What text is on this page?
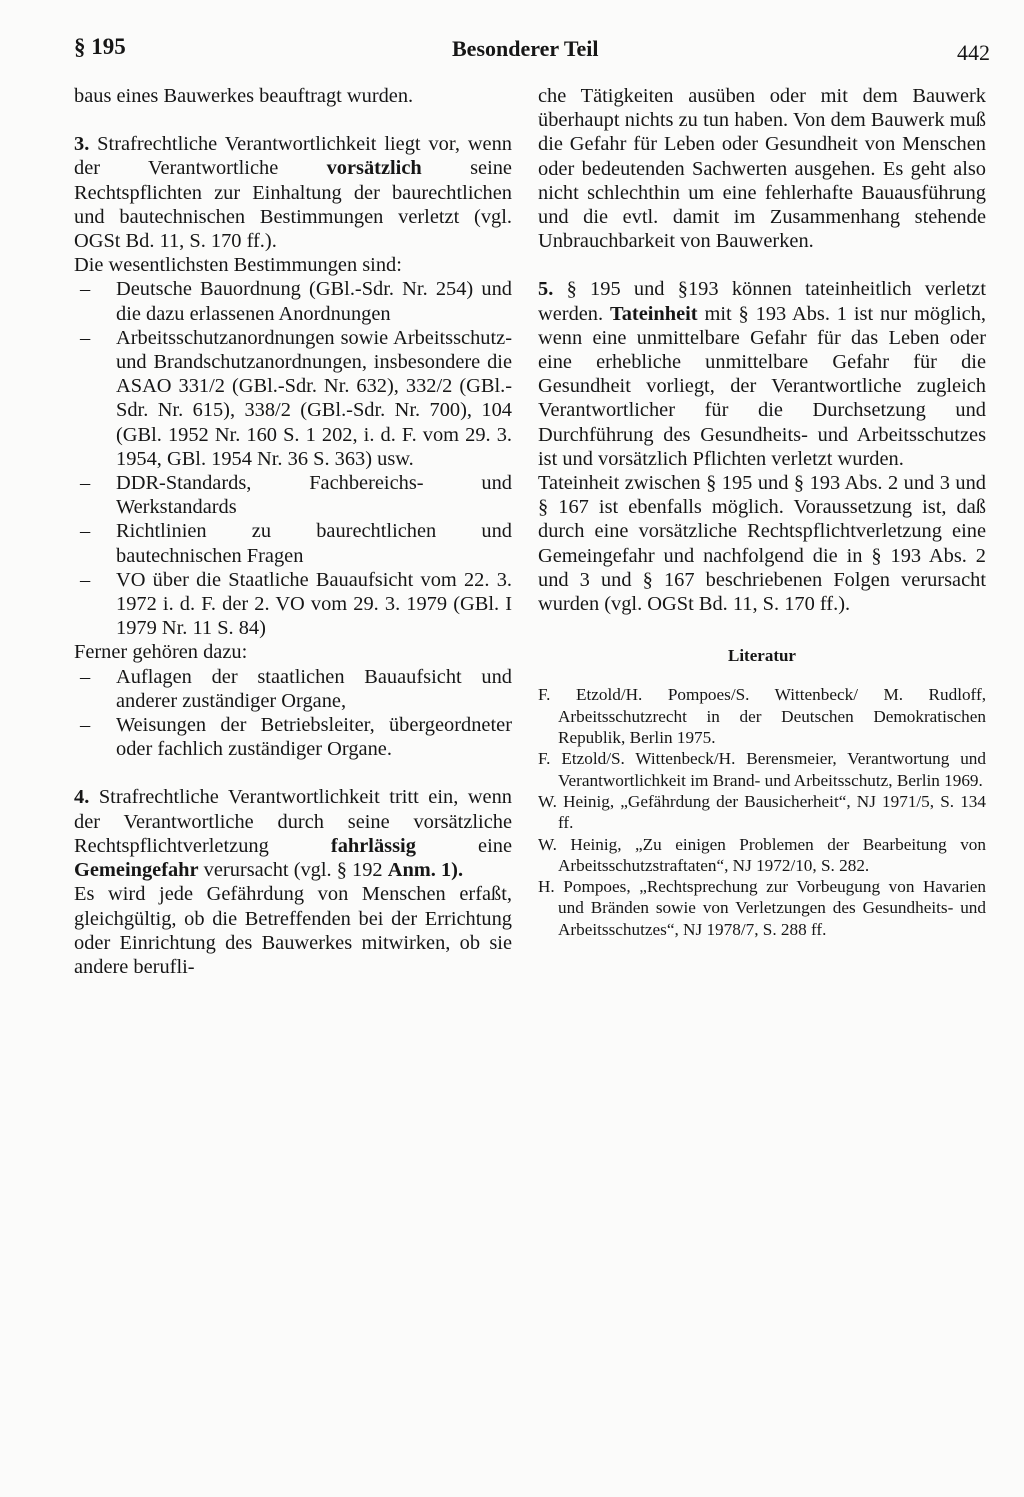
§ 195	Besonderer Teil	442

baus eines Bauwerkes beauftragt wurden.

3. Strafrechtliche Verantwortlichkeit liegt vor, wenn der Verantwortliche vorsätzlich seine Rechtspflichten zur Einhaltung der baurechtlichen und bautechnischen Bestimmungen verletzt (vgl. OGSt Bd. 11, S. 170 ff.).

Die wesentlichsten Bestimmungen sind:

– Deutsche Bauordnung (GBl.-Sdr. Nr. 254) und die dazu erlassenen Anordnungen
– Arbeitsschutzanordnungen sowie Arbeitsschutz- und Brandschutzanordnungen, insbesondere die ASAO 331/2 (GBl.-Sdr. Nr. 632), 332/2 (GBl.-Sdr. Nr. 615), 338/2 (GBl.-Sdr. Nr. 700), 104 (GBl. 1952 Nr. 160 S. 1 202, i. d. F. vom 29. 3. 1954, GBl. 1954 Nr. 36 S. 363) usw.
– DDR-Standards, Fachbereichs- und Werkstandards
– Richtlinien zu baurechtlichen und bautechnischen Fragen
– VO über die Staatliche Bauaufsicht vom 22. 3. 1972 i. d. F. der 2. VO vom 29. 3. 1979 (GBl. I 1979 Nr. 11 S. 84)

Ferner gehören dazu:

– Auflagen der staatlichen Bauaufsicht und anderer zuständiger Organe,
– Weisungen der Betriebsleiter, übergeordneter oder fachlich zuständiger Organe.

4. Strafrechtliche Verantwortlichkeit tritt ein, wenn der Verantwortliche durch seine vorsätzliche Rechtspflichtverletzung fahrlässig eine Gemeingefahr verursacht (vgl. § 192 Anm. 1).

Es wird jede Gefährdung von Menschen erfaßt, gleichgültig, ob die Betreffenden bei der Errichtung oder Einrichtung des Bauwerkes mitwirken, ob sie andere berufli-

che Tätigkeiten ausüben oder mit dem Bauwerk überhaupt nichts zu tun haben. Von dem Bauwerk muß die Gefahr für Leben oder Gesundheit von Menschen oder bedeutenden Sachwerten ausgehen. Es geht also nicht schlechthin um eine fehlerhafte Bauausführung und die evtl. damit im Zusammenhang stehende Unbrauchbarkeit von Bauwerken.

5. § 195 und §193 können tateinheitlich verletzt werden. Tateinheit mit § 193 Abs. 1 ist nur möglich, wenn eine unmittelbare Gefahr für das Leben oder eine erhebliche unmittelbare Gefahr für die Gesundheit vorliegt, der Verantwortliche zugleich Verantwortlicher für die Durchsetzung und Durchführung des Gesundheits- und Arbeitsschutzes ist und vorsätzlich Pflichten verletzt wurden.

Tateinheit zwischen § 195 und § 193 Abs. 2 und 3 und § 167 ist ebenfalls möglich. Voraussetzung ist, daß durch eine vorsätzliche Rechtspflichtverletzung eine Gemeingefahr und nachfolgend die in § 193 Abs. 2 und 3 und § 167 beschriebenen Folgen verursacht wurden (vgl. OGSt Bd. 11, S. 170 ff.).

Literatur

F. Etzold/H. Pompoes/S. Wittenbeck/ M. Rudloff, Arbeitsschutzrecht in der Deutschen Demokratischen Republik, Berlin 1975.

F. Etzold/S. Wittenbeck/H. Berensmeier, Verantwortung und Verantwortlichkeit im Brand- und Arbeitsschutz, Berlin 1969.

W. Heinig, „Gefährdung der Bausicherheit“, NJ 1971/5, S. 134 ff.

W. Heinig, „Zu einigen Problemen der Bearbeitung von Arbeitsschutzstraftaten“, NJ 1972/10, S. 282.

H. Pompoes, „Rechtsprechung zur Vorbeugung von Havarien und Bränden sowie von Verletzungen des Gesundheits- und Arbeitsschutzes“, NJ 1978/7, S. 288 ff.
